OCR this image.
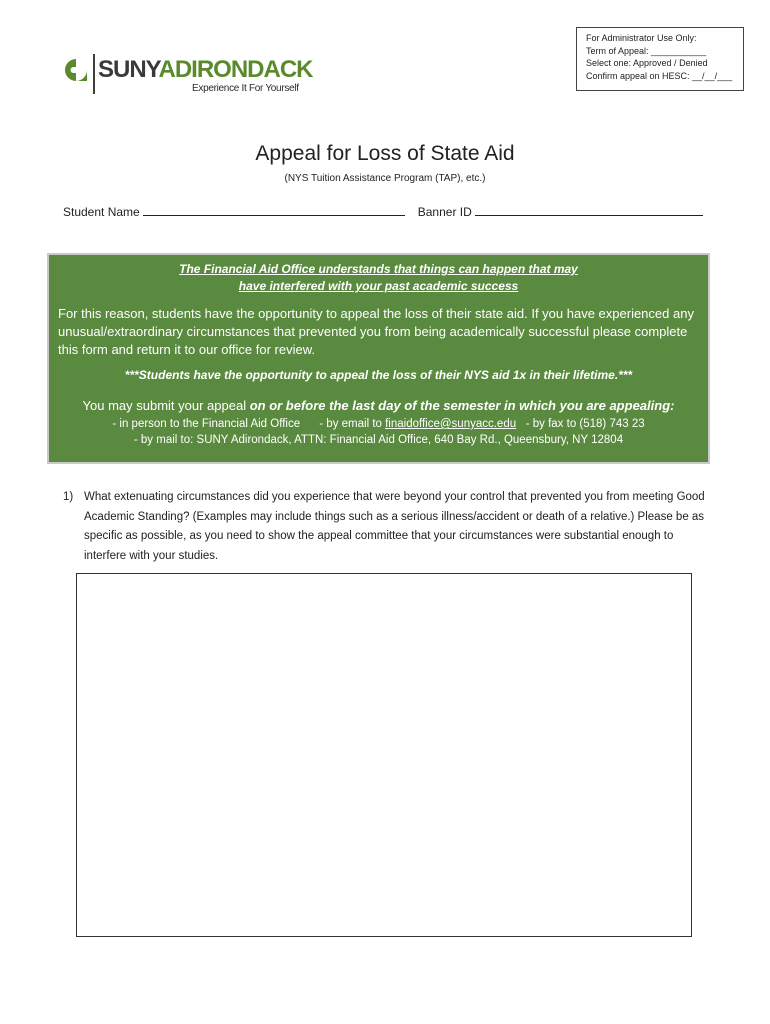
SUNYADIRONDACK
Experience It For Yourself
For Administrator Use Only:
Term of Appeal: ___________
Select one: Approved / Denied
Confirm appeal on HESC: __/__/___
Appeal for Loss of State Aid
(NYS Tuition Assistance Program (TAP), etc.)
Student Name	Banner ID
The Financial Aid Office understands that things can happen that may
have interfered with your past academic success
For this reason, students have the opportunity to appeal the loss of their state aid. If you have experienced any unusual/extraordinary circumstances that prevented you from being academically successful please complete this form and return it to our office for review.
***Students have the opportunity to appeal the loss of their NYS aid 1x in their lifetime.***
You may submit your appeal on or before the last day of the semester in which you are appealing:
- in person to the Financial Aid Office - by email to finaidoffice@sunyacc.edu - by fax to (518) 743 23
- by mail to: SUNY Adirondack, ATTN: Financial Aid Office, 640 Bay Rd., Queensbury, NY 12804
1) What extenuating circumstances did you experience that were beyond your control that prevented you from meeting Good Academic Standing? (Examples may include things such as a serious illness/accident or death of a relative.) Please be as specific as possible, as you need to show the appeal committee that your circumstances were substantial enough to interfere with your studies.
